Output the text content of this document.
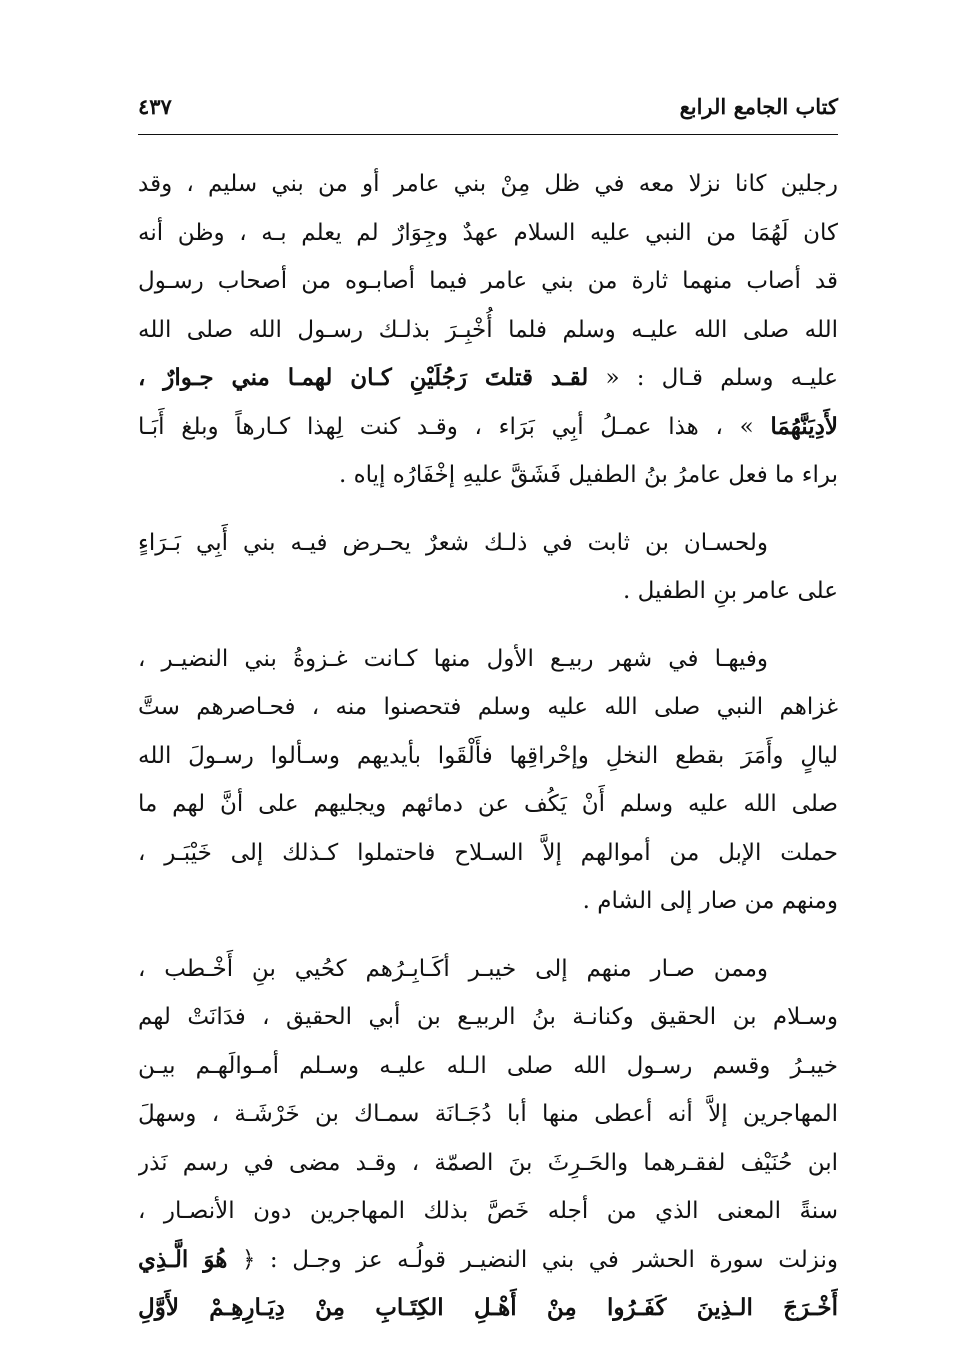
كتاب الجامع الرابع
٤٣٧
رجلين كانا نزلا معه في ظل مِنْ بني عامر أو من بني سليم ، وقد
كان لَهُمَا من النبي عليه السلام عهدٌ وجِوَارٌ لم يعلم بـه ، وظن أنه
قد أصاب منهما ثارة من بني عامر فيما أصابـوه من أصحاب رسـول
الله صلى الله عليـه وسلم فلما أُخْبِـرَ بذلـك رسـول الله صلى الله
عليـه وسلم قـال : « لقـد قتلتَ رَجُلَيْنِ كـان لهمـا مني جـوارٌ ،
لأَدِيَنَّهُمَا » ، هذا عمـلُ أبِي بَرَاء ، وقـد كنت لِهذا كـارهاً وبلغ أَبَـا
براء ما فعل عامرُ بنُ الطفيل فَشَقَّ عليهِ إخْفَارُه إياه .
ولحسـان بن ثابت في ذلـك شعرٌ يحـرض فيـه بني أَبِي بَـرَاءٍ
على عامر بنِ الطفيل .
وفيهـا في شهر ربيـع الأول منها كـانت غـزوةُ بني النضيـر ،
غزاهم النبي صلى الله عليه وسلم فتحصنوا منه ، فحـاصرهم ستَّ
ليالٍ وأَمَرَ بقطع النخلِ وإحْراقِها فأَلْقَوا بأيديهم وسـألوا رسـولَ الله
صلى الله عليه وسلم أَنْ يَكُف عن دمائهم ويجليهم على أنَّ لهم ما
حملت الإبل من أموالهم إلاَّ السـلاح فاحتملوا كـذلك إلى خَيْبَـر ،
ومنهم من صار إلى الشام .
وممن صـار منهم إلى خيبـر أكَـابِـرُهم كحُيي بنِ أَخْـطب ،
وسـلام بن الحقيق وكنانـة بنُ الربيـع بن أبي الحقيق ، فدَانَتْ لهم
خيبـرُ وقسم رسـول الله صلى الـله عليـه وسـلم أمـوالَهـم بيـن
المهاجرين إلاَّ أنه أعطى منها أبا دُجَـانَة سمـاك بن خَرْشَـة ، وسهلَ
ابن حُنَيْف لفقـرهما والحَـرِثَ بنَ الصمّة ، وقـد مضى في رسم نَذر
سنةً المعنى الذي من أجله خَصَّ بذلك المهاجرين دون الأنصـار ،
ونزلت سورة الحشر في بني النضيـر قولُـه عز وجـل : ﴿ هُوَ الَّـذِي
أَخْـرَجَ الـذِينَ كَفَـرُوا مِنْ أَهْـلِ الكِتَـابِ مِنْ دِيَـارِهِـمْ لأَوَّلِ
